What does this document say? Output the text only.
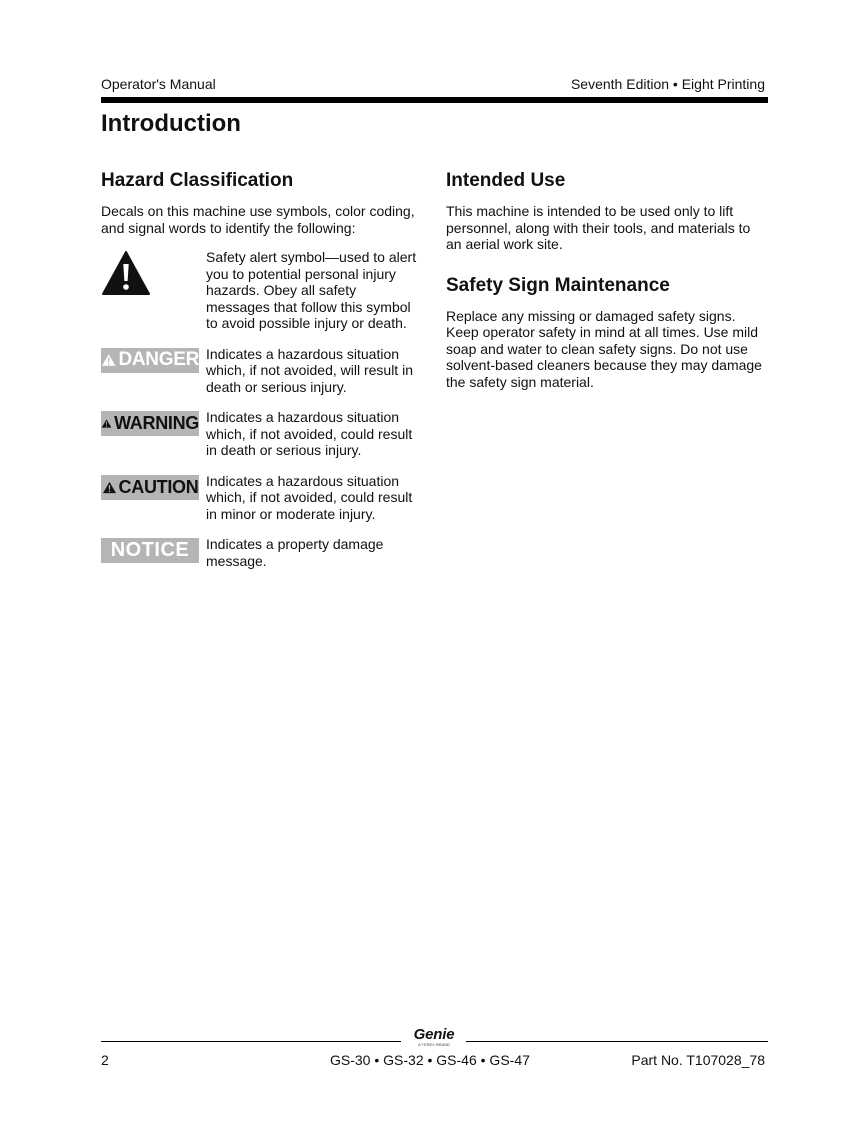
Operator's Manual	Seventh Edition • Eight Printing
Introduction
Hazard Classification

Decals on this machine use symbols, color coding, and signal words to identify the following:

Safety alert symbol—used to alert you to potential personal injury hazards. Obey all safety messages that follow this symbol to avoid possible injury or death.

DANGER Indicates a hazardous situation which, if not avoided, will result in death or serious injury.

WARNING Indicates a hazardous situation which, if not avoided, could result in death or serious injury.

CAUTION Indicates a hazardous situation which, if not avoided, could result in minor or moderate injury.

NOTICE Indicates a property damage message.

Intended Use

This machine is intended to be used only to lift personnel, along with their tools, and materials to an aerial work site.

Safety Sign Maintenance

Replace any missing or damaged safety signs. Keep operator safety in mind at all times. Use mild soap and water to clean safety signs. Do not use solvent-based cleaners because they may damage the safety sign material.

Genie
A TEREX BRAND
2	GS-30 • GS-32 • GS-46 • GS-47	Part No. T107028_78
